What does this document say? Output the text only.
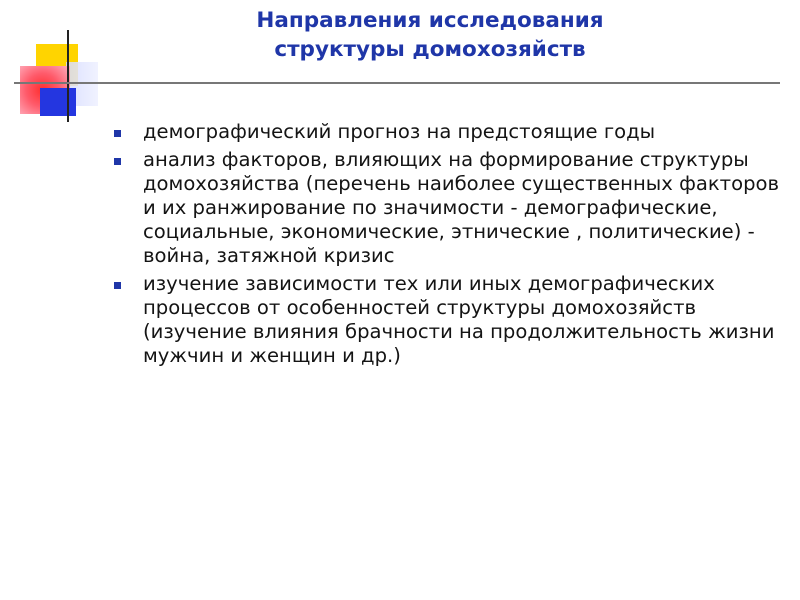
Направления исследования
структуры домохозяйств
демографический прогноз на предстоящие годы
анализ факторов, влияющих на формирование структуры домохозяйства (перечень наиболее существенных факторов и их ранжирование по значимости - демографические, социальные, экономические, этнические , политические) - война, затяжной кризис
изучение зависимости тех или иных демографических процессов от особенностей структуры домохозяйств (изучение влияния брачности на продолжительность жизни мужчин и женщин и др.)
